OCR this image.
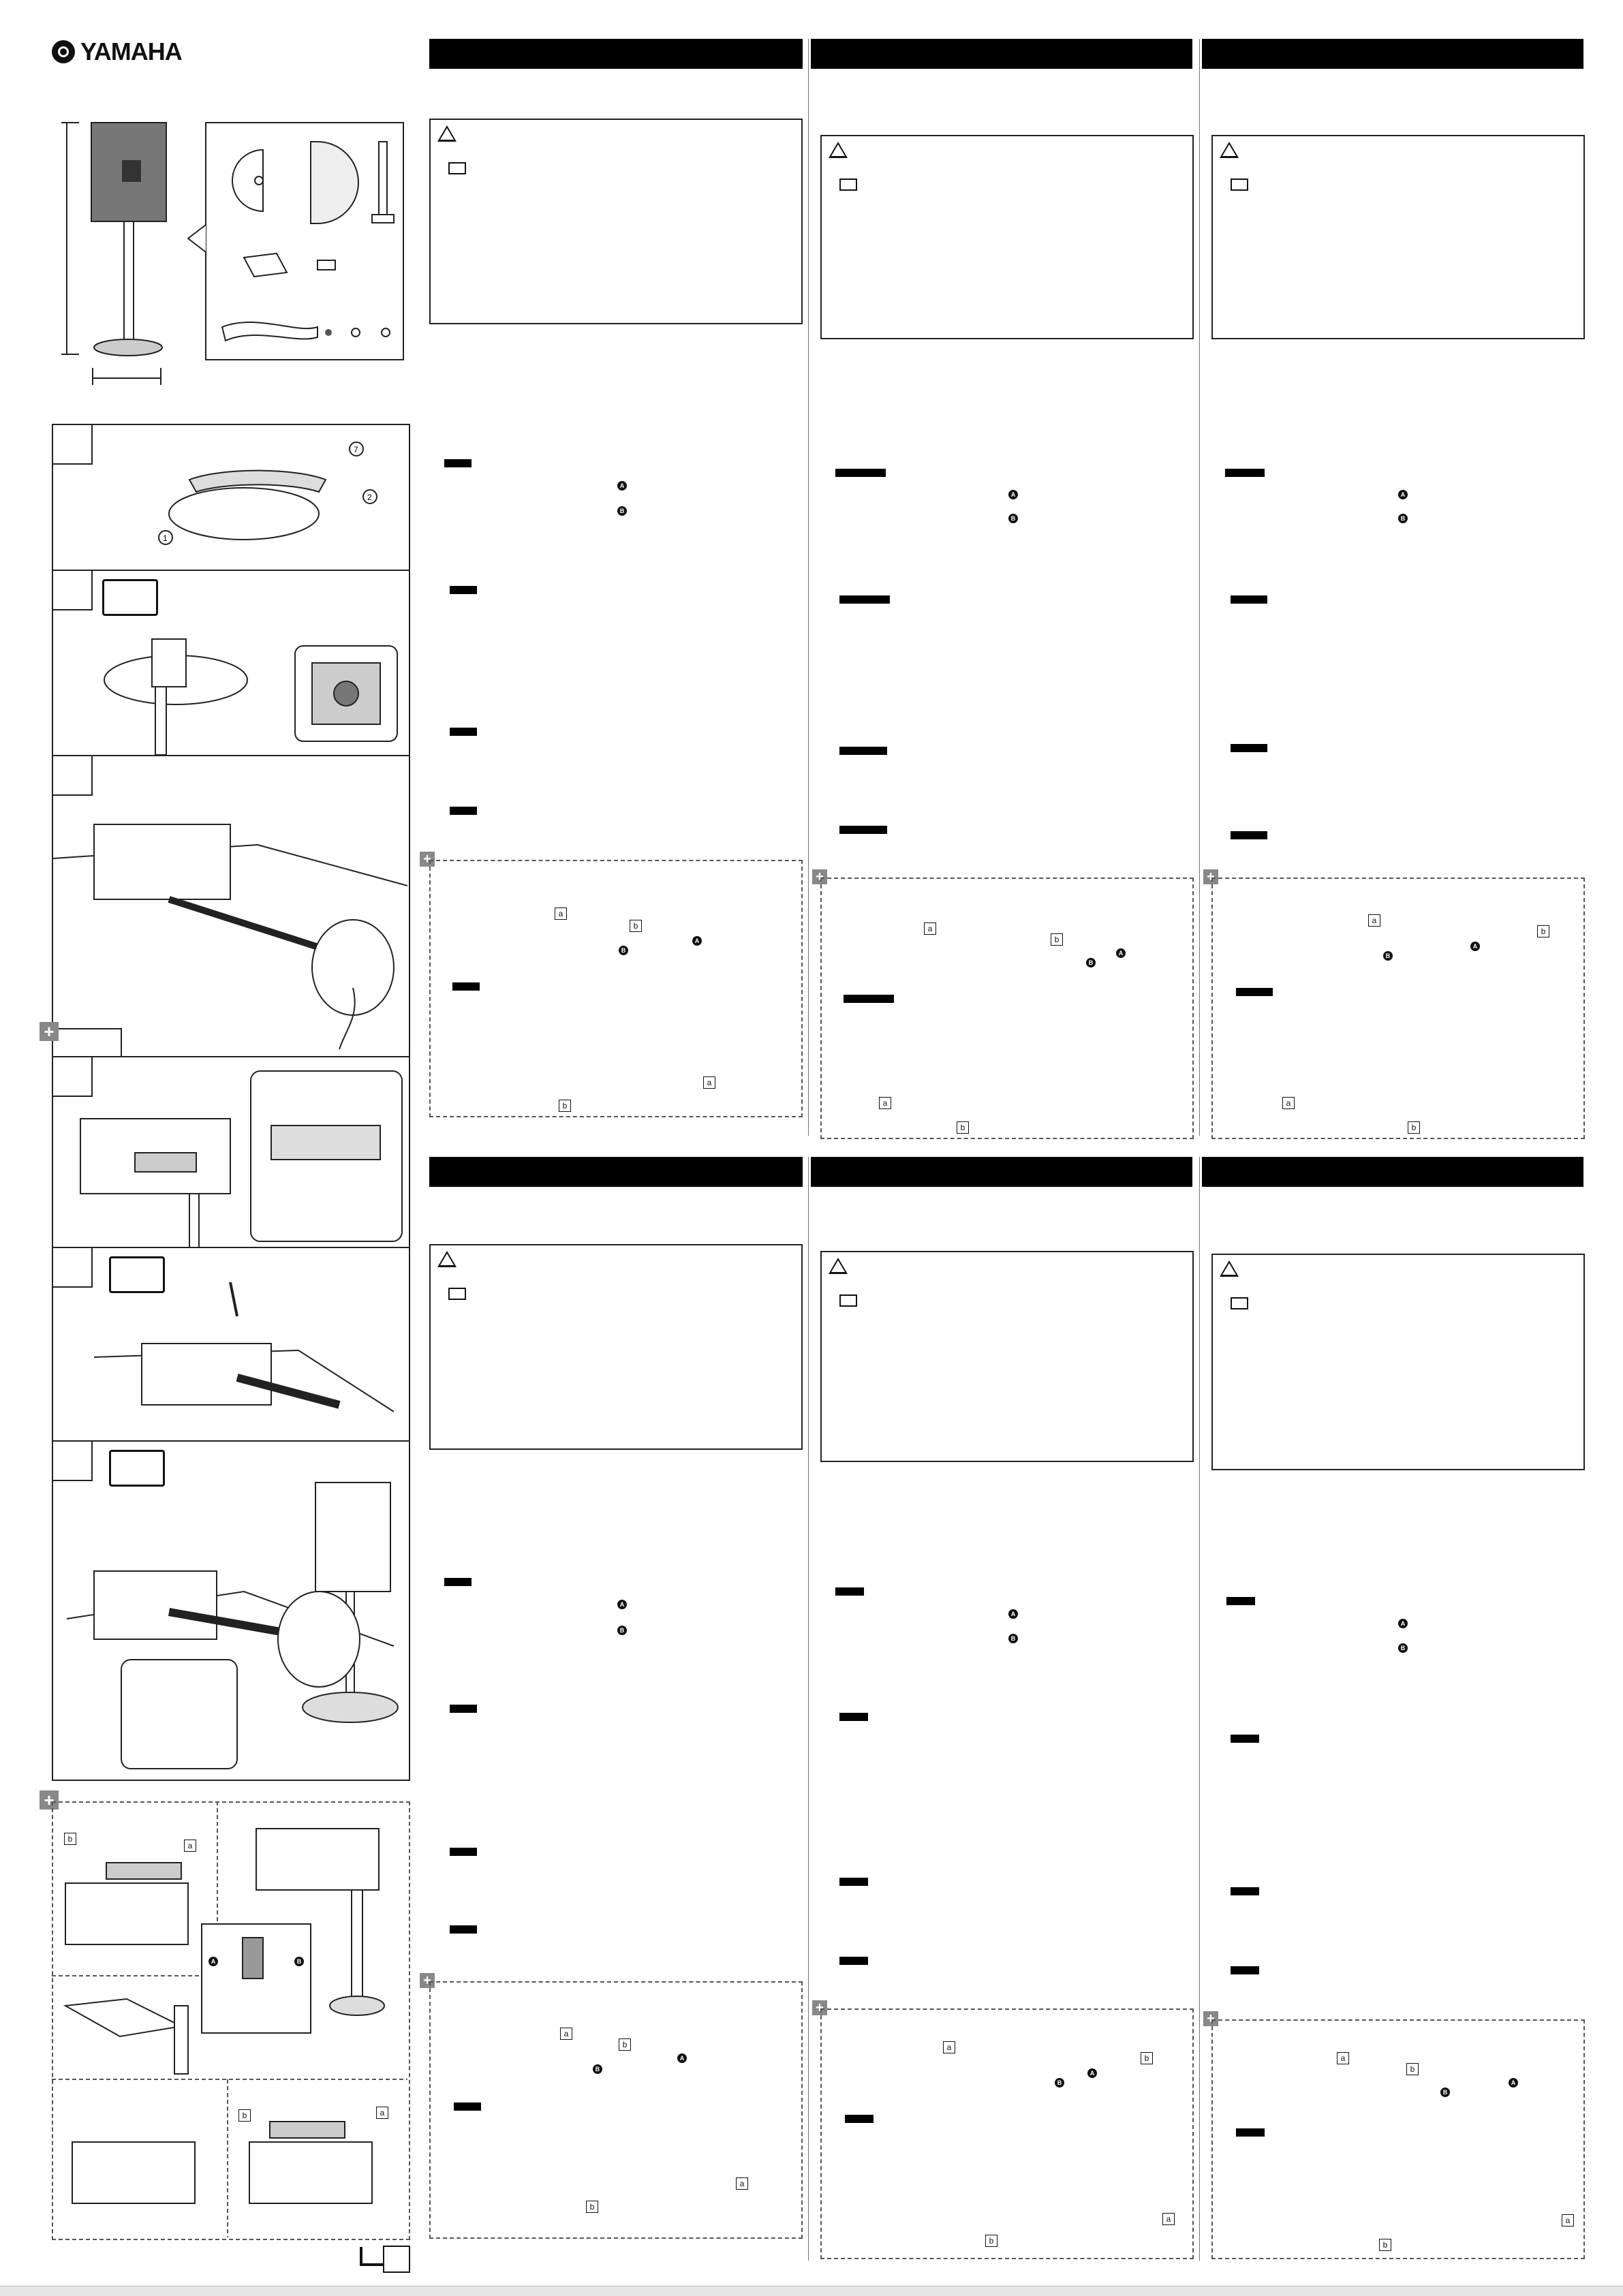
YAMAHA
1
2
7
+
+
b
a
A	B
b	a
A
B
+
a
b
A
B
a
b
A
B
+
a
b
A
B
a
b
A
B
+
a
b
A
B
a
b
A
B
+
a
b
A
B
a
b
A
B
+
a
b
A
B
a
b
A
B
+
a
b
A
B
a
b
